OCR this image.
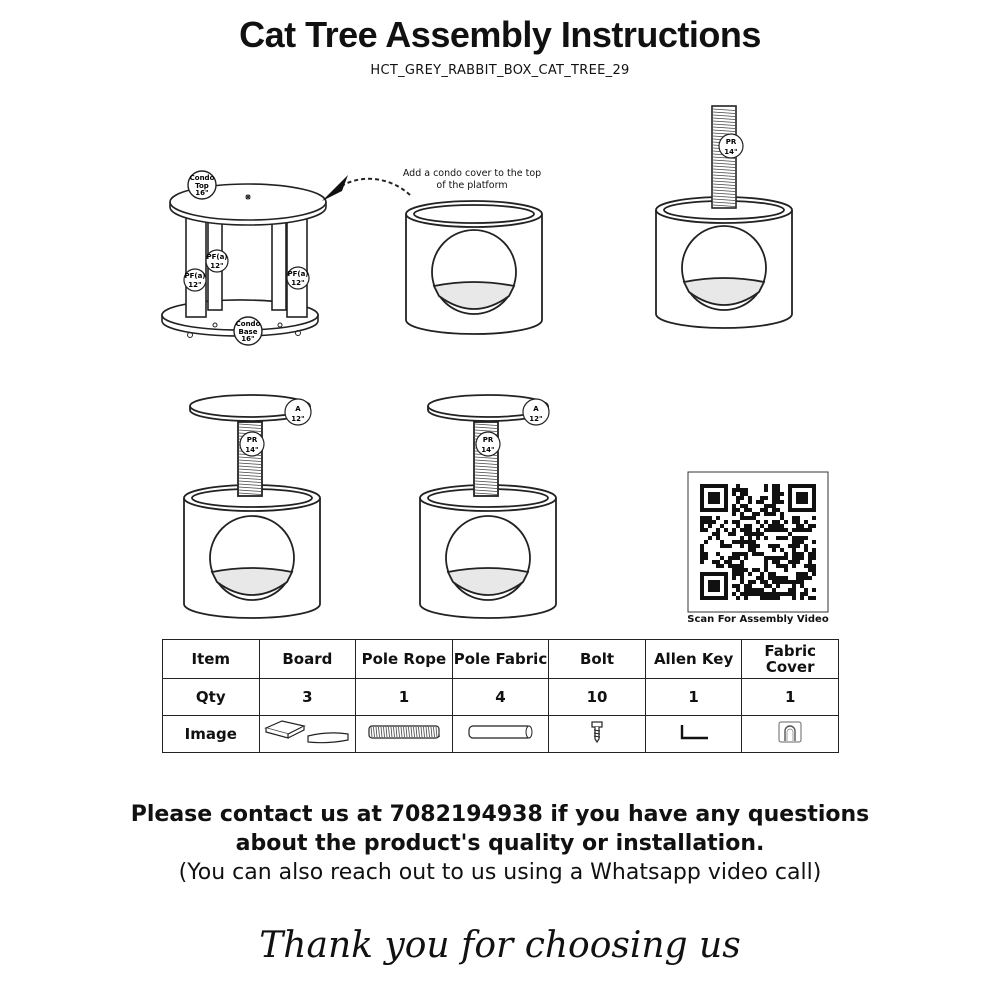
Cat Tree Assembly Instructions
HCT_GREY_RABBIT_BOX_CAT_TREE_29
Condo
Top
16"
Condo
Base
16"
PF(a)
12"
PF(a)
12"
PF(a)
12"
Add a condo cover to the top of the platform
PR
14"
A
12"
PR
14"
A
12"
PR
14"
Scan For Assembly Video
Item	Board	Pole Rope	Pole Fabric	Bolt	Allen Key	Fabric Cover
Qty	3	1	4	10	1	1
Image						
Please contact us at 7082194938 if you have any questions
about the product's quality or installation.
(You can also reach out to us using a Whatsapp video call)
Thank you for choosing us
